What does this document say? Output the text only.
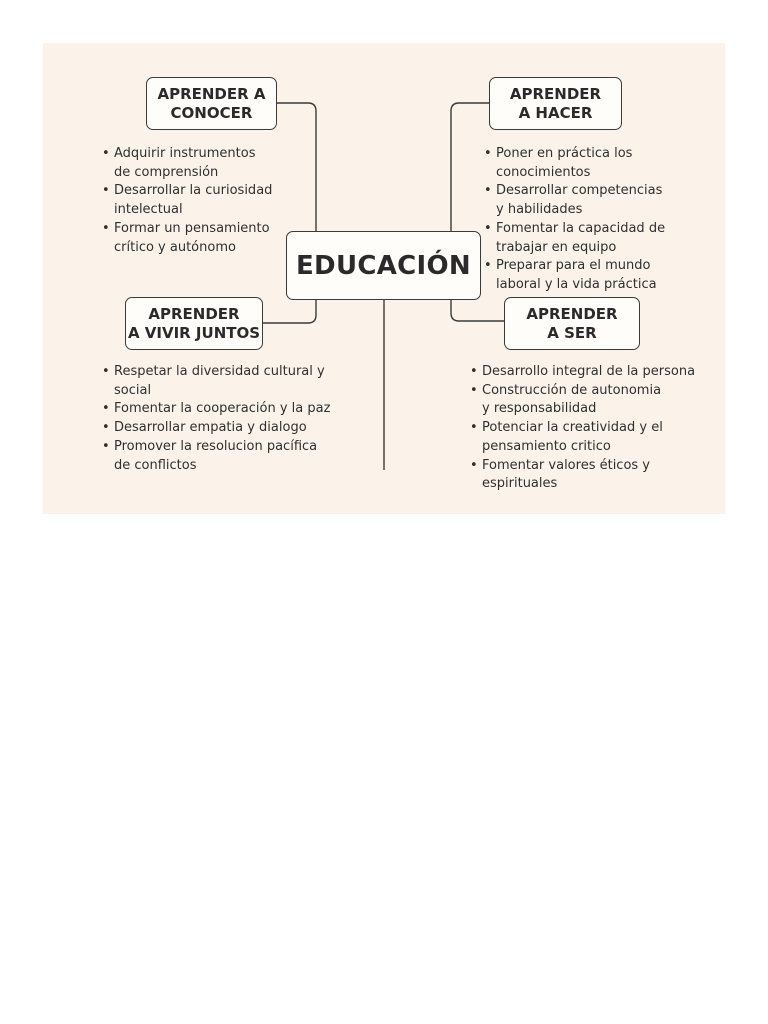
EDUCACIÓN
APRENDER A
CONOCER
APRENDER
A HACER
APRENDER
A VIVIR JUNTOS
APRENDER
A SER
• Adquirir instrumentos
de comprensión
• Desarrollar la curiosidad
intelectual
• Formar un pensamiento
crítico y autónomo
• Poner en práctica los conocimientos
• Desarrollar competencias
y habilidades
• Fomentar la capacidad de
trabajar en equipo
• Preparar para el mundo
laboral y la vida práctica
• Respetar la diversidad cultural y social
• Fomentar la cooperación y la paz
• Desarrollar empatia y dialogo
• Promover la resolucion pacífica
de conflictos
• Desarrollo integral de la persona
• Construcción de autonomia
y responsabilidad
• Potenciar la creatividad y el
pensamiento critico
• Fomentar valores éticos y
espirituales
